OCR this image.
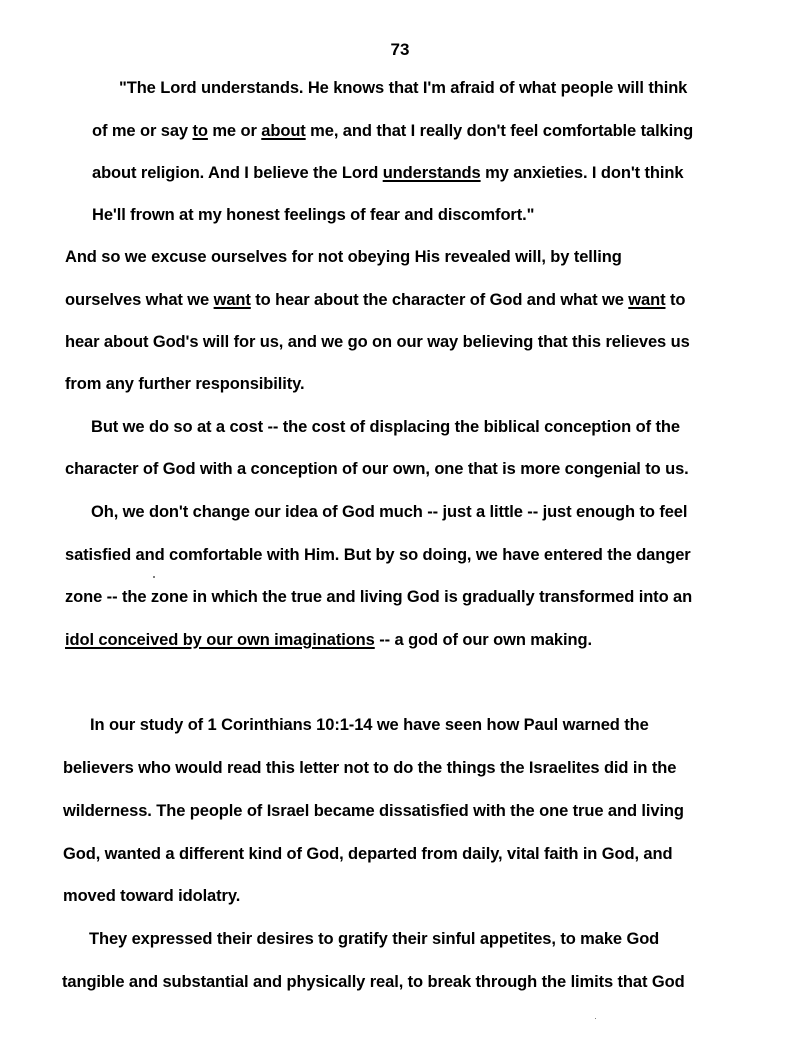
73
"The Lord understands. He knows that I'm afraid of what people will think
of me or say to me or about me, and that I really don't feel comfortable talking
about religion. And I believe the Lord understands my anxieties. I don't think
He'll frown at my honest feelings of fear and discomfort."
And so we excuse ourselves for not obeying His revealed will, by telling
ourselves what we want to hear about the character of God and what we want to
hear about God's will for us, and we go on our way believing that this relieves us
from any further responsibility.
But we do so at a cost -- the cost of displacing the biblical conception of the
character of God with a conception of our own, one that is more congenial to us.
Oh, we don't change our idea of God much -- just a little -- just enough to feel
satisfied and comfortable with Him. But by so doing, we have entered the danger
zone -- the zone in which the true and living God is gradually transformed into an
idol conceived by our own imaginations -- a god of our own making.
In our study of 1 Corinthians 10:1-14 we have seen how Paul warned the
believers who would read this letter not to do the things the Israelites did in the
wilderness. The people of Israel became dissatisfied with the one true and living
God, wanted a different kind of God, departed from daily, vital faith in God, and
moved toward idolatry.
They expressed their desires to gratify their sinful appetites, to make God
tangible and substantial and physically real, to break through the limits that God
